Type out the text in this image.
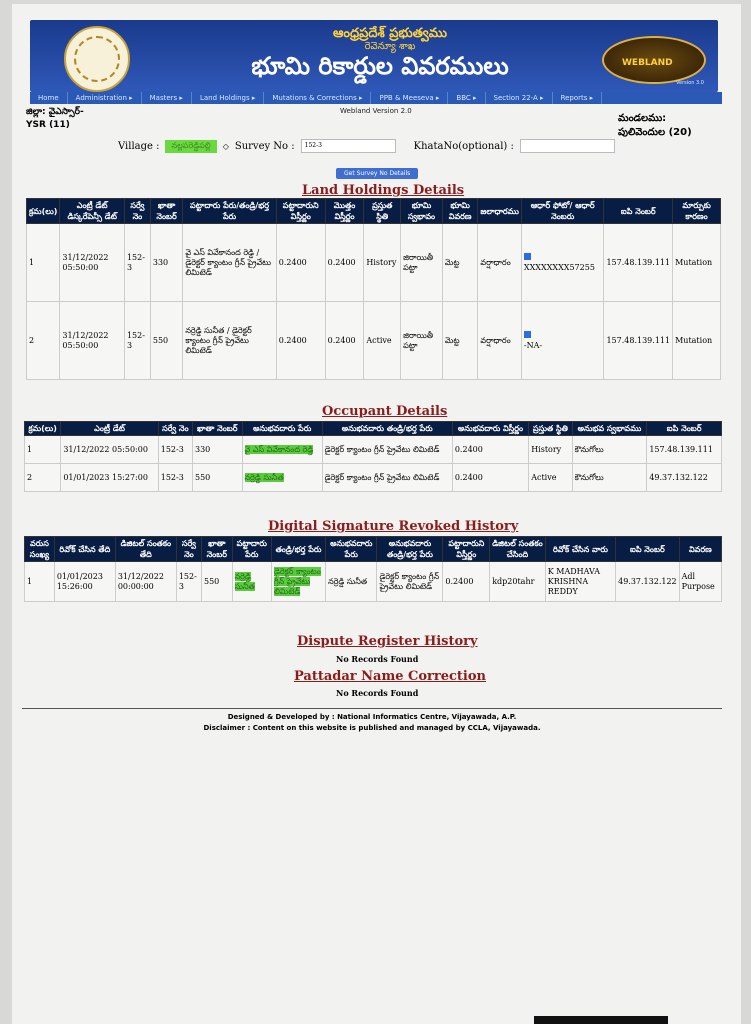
ఆంధ్రప్రదేశ్ ప్రభుత్వము
రెవెన్యూ శాఖ
భూమి రికార్డుల వివరములు	WEBLAND
Version 3.0
Home	Administration ▸	Masters ▸	Land Holdings ▸	Mutations & Corrections ▸	PPB & Meeseva ▸	BBC ▸	Section 22-A ▸	Reports ▸
Webland Version 2.0
జిల్లా: వైఎస్సార్-
YSR (11)
మండలము:
పులివెందుల (20)
Village :	నల్లపరెడ్డిపల్లి	◇ Survey No :	152-3	KhataNo(optional) :
Get Survey No Details
Land Holdings Details
క్రమ(లు)	ఎంట్రీ డేట్ డిస్కరేపెన్సీ డేట్	సర్వే నెం	ఖాతా నెంబర్	పట్టాదారు పేరు/తండ్రి/భర్త పేరు	పట్టాదారుని విస్తీర్ణం	మొత్తం విస్తీర్ణం	ప్రస్తుత స్థితి	భూమి స్వభావం	భూమి వివరణ	జలాధారము	ఆధార్ ఫోటో/ ఆధార్ నెంబరు	ఐపి నెంబర్	మార్పుకు కారణం
1	31/12/2022 05:50:00	152-3	330	వై ఎస్ వివేకానంద రెడ్డి / డైరెక్టర్ క్యాంటం గ్రీన్ ప్రైవేటు లిమిటెడ్	0.2400	0.2400	History	జిరాయితీ పట్టా	మెట్ట	వర్షాధారం	XXXXXXXX57255	157.48.139.111	Mutation
2	31/12/2022 05:50:00	152-3	550	నర్రెడ్డి సునీత / డైరెక్టర్ క్యాంటం గ్రీన్ ప్రైవేటు లిమిటెడ్	0.2400	0.2400	Active	జిరాయితీ పట్టా	మెట్ట	వర్షాధారం	-NA-	157.48.139.111	Mutation
Occupant Details
క్రమ(లు)	ఎంట్రీ డేట్	సర్వే నెం	ఖాతా నెంబర్	అనుభవదారు పేరు	అనుభవదారు తండ్రి/భర్త పేరు	అనుభవదారు విస్తీర్ణం	ప్రస్తుత స్థితి	అనుభవ స్వభావము	ఐపి నెంబర్
1	31/12/2022 05:50:00	152-3	330	వై ఎస్ వివేకానంద రెడ్డి	డైరెక్టర్ క్యాంటం గ్రీన్ ప్రైవేటు లిమిటెడ్	0.2400	History	కౌనుగోలు	157.48.139.111
2	01/01/2023 15:27:00	152-3	550	నర్రెడ్డి సునీత	డైరెక్టర్ క్యాంటం గ్రీన్ ప్రైవేటు లిమిటెడ్	0.2400	Active	కౌనుగోలు	49.37.132.122
Digital Signature Revoked History
వరుస సంఖ్య	రివోక్ చేసిన తేది	డిజిటల్ సంతకం తేది	సర్వే నెం	ఖాతా నెంబర్	పట్టాదారు పేరు	తండ్రి/భర్త పేరు	అనుభవదారు పేరు	అనుభవదారు తండ్రి/భర్త పేరు	పట్టాదారుని విస్తీర్ణం	డిజిటల్ సంతకం చేసింది	రివోక్ చేసిన వారు	ఐపి నెంబర్	వివరణ
1	01/01/2023 15:26:00	31/12/2022 00:00:00	152-3	550	నర్రెడ్డి సునీత	డైరెక్టర్ క్యాంటం గ్రీన్ ప్రైవేటు లిమిటెడ్	నర్రెడ్డి సునీత	డైరెక్టర్ క్యాంటం గ్రీన్ ప్రైవేటు లిమిటెడ్	0.2400	kdp20tahr	K MADHAVA KRISHNA REDDY	49.37.132.122	Adl Purpose
Dispute Register History
No Records Found
Pattadar Name Correction
No Records Found
Designed & Developed by : National Informatics Centre, Vijayawada, A.P.
Disclaimer : Content on this website is published and managed by CCLA, Vijayawada.
